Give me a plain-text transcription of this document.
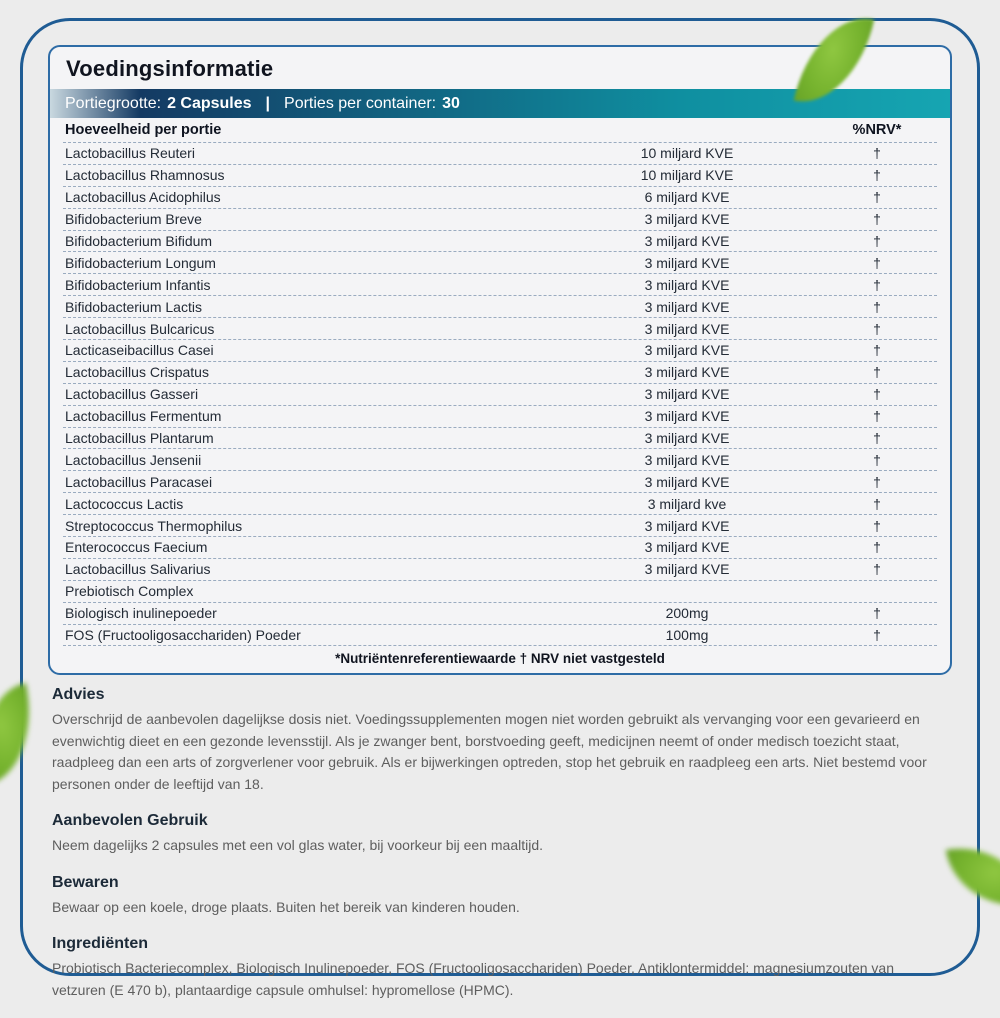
Voedingsinformatie
Portiegrootte: 2 Capsules | Porties per container: 30
Hoeveelheid per portie	%NRV*
Lactobacillus Reuteri	10 miljard KVE	†
Lactobacillus Rhamnosus	10 miljard KVE	†
Lactobacillus Acidophilus	6 miljard KVE	†
Bifidobacterium Breve	3 miljard KVE	†
Bifidobacterium Bifidum	3 miljard KVE	†
Bifidobacterium Longum	3 miljard KVE	†
Bifidobacterium Infantis	3 miljard KVE	†
Bifidobacterium Lactis	3 miljard KVE	†
Lactobacillus Bulcaricus	3 miljard KVE	†
Lacticaseibacillus Casei	3 miljard KVE	†
Lactobacillus Crispatus	3 miljard KVE	†
Lactobacillus Gasseri	3 miljard KVE	†
Lactobacillus Fermentum	3 miljard KVE	†
Lactobacillus Plantarum	3 miljard KVE	†
Lactobacillus Jensenii	3 miljard KVE	†
Lactobacillus Paracasei	3 miljard KVE	†
Lactococcus Lactis	3 miljard kve	†
Streptococcus Thermophilus	3 miljard KVE	†
Enterococcus Faecium	3 miljard KVE	†
Lactobacillus Salivarius	3 miljard KVE	†
Prebiotisch Complex
Biologisch inulinepoeder	200mg	†
FOS (Fructooligosacchariden) Poeder	100mg	†
*Nutriëntenreferentiewaarde † NRV niet vastgesteld
Advies
Overschrijd de aanbevolen dagelijkse dosis niet. Voedingssupplementen mogen niet worden gebruikt als vervanging voor een gevarieerd en evenwichtig dieet en een gezonde levensstijl. Als je zwanger bent, borstvoeding geeft, medicijnen neemt of onder medisch toezicht staat, raadpleeg dan een arts of zorgverlener voor gebruik. Als er bijwerkingen optreden, stop het gebruik en raadpleeg een arts. Niet bestemd voor personen onder de leeftijd van 18.
Aanbevolen Gebruik
Neem dagelijks 2 capsules met een vol glas water, bij voorkeur bij een maaltijd.
Bewaren
Bewaar op een koele, droge plaats. Buiten het bereik van kinderen houden.
Ingrediënten
Probiotisch Bacteriecomplex, Biologisch Inulinepoeder, FOS (Fructooligosacchariden) Poeder, Antiklontermiddel: magnesiumzouten van vetzuren (E 470 b), plantaardige capsule omhulsel: hypromellose (HPMC).
